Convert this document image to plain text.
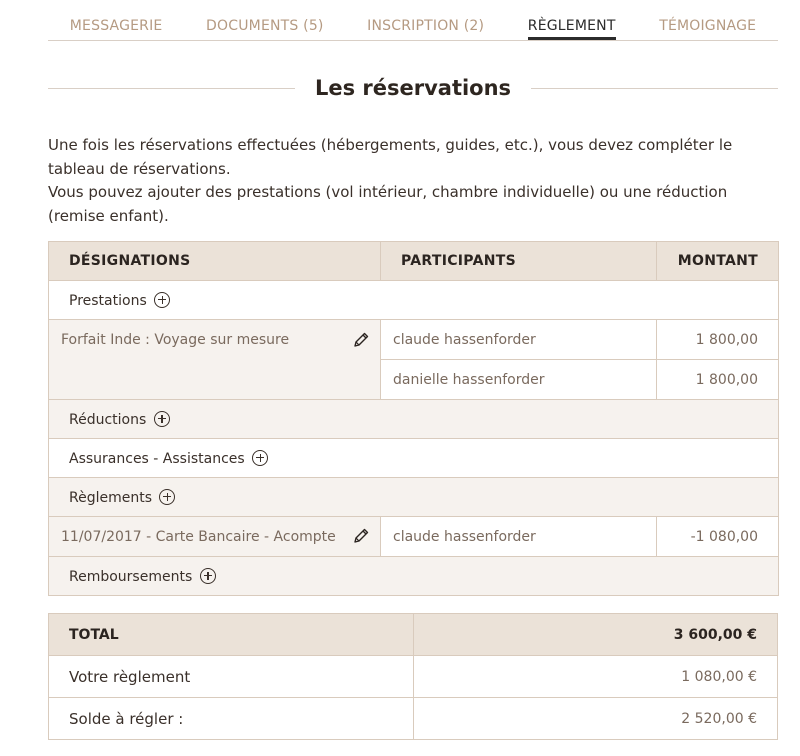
MESSAGERIE	DOCUMENTS (5)	INSCRIPTION (2)	RÈGLEMENT	TÉMOIGNAGE
Les réservations

Une fois les réservations effectuées (hébergements, guides, etc.), vous devez compléter le tableau de réservations.

Vous pouvez ajouter des prestations (vol intérieur, chambre individuelle) ou une réduction (remise enfant).

DÉSIGNATIONS	PARTICIPANTS	MONTANT
Prestations		
Forfait Inde : Voyage sur mesure	claude hassenforder	1 800,00
	danielle hassenforder	1 800,00
Réductions		
Assurances - Assistances		
Règlements		
11/07/2017 - Carte Bancaire - Acompte	claude hassenforder	-1 080,00
Remboursements		
TOTAL	3 600,00 €
Votre règlement	1 080,00 €
Solde à régler :	2 520,00 €
